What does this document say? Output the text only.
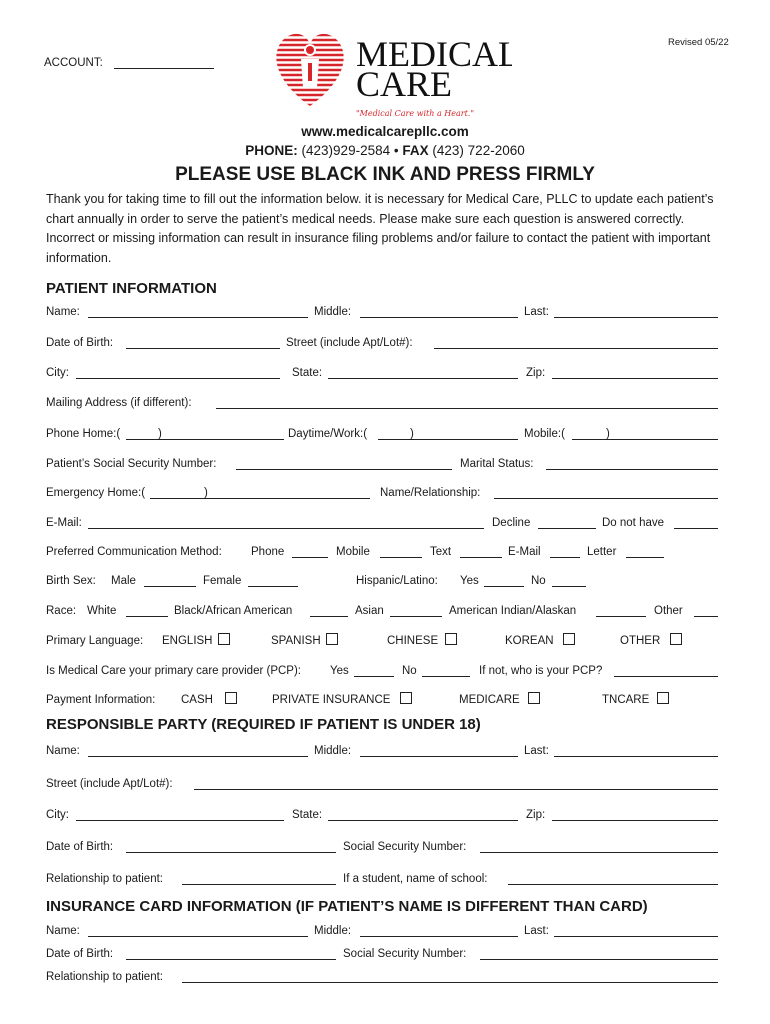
Revised 05/22
ACCOUNT:	MEDICAL
CARE
"Medical Care with a Heart."
www.medicalcarepllc.com
PHONE: (423)929-2584 • FAX (423) 722-2060
PLEASE USE BLACK INK AND PRESS FIRMLY
Thank you for taking time to fill out the information below. it is necessary for Medical Care, PLLC to update each patient’s chart annually in order to serve the patient’s medical needs. Please make sure each question is answered correctly. Incorrect or missing information can result in insurance filing problems and/or failure to contact the patient with important information.
PATIENT INFORMATION
Name:	Middle:	Last:
Date of Birth:	Street (include Apt/Lot#):
City:	State:	Zip:
Mailing Address (if different):
Phone Home:(	)	Daytime/Work:(	)	Mobile:(	)
Patient’s Social Security Number:	Marital Status:
Emergency Home:(	)	Name/Relationship:
E-Mail:	Decline	Do not have
Preferred Communication Method:	Phone	Mobile	Text	E-Mail	Letter
Birth Sex: Male	Female	Hispanic/Latino: Yes	No
Race: White	Black/African American	Asian	American Indian/Alaskan	Other
Primary Language: ENGLISH	SPANISH	CHINESE	KOREAN	OTHER
Is Medical Care your primary care provider (PCP):	Yes	No	If not, who is your PCP?
Payment Information: CASH	PRIVATE INSURANCE	MEDICARE	TNCARE
RESPONSIBLE PARTY (REQUIRED IF PATIENT IS UNDER 18)
Name:	Middle:	Last:
Street (include Apt/Lot#):
City:	State:	Zip:
Date of Birth:	Social Security Number:
Relationship to patient:	If a student, name of school:
INSURANCE CARD INFORMATION (IF PATIENT’S NAME IS DIFFERENT THAN CARD)
Name:	Middle:	Last:
Date of Birth:	Social Security Number:
Relationship to patient:
